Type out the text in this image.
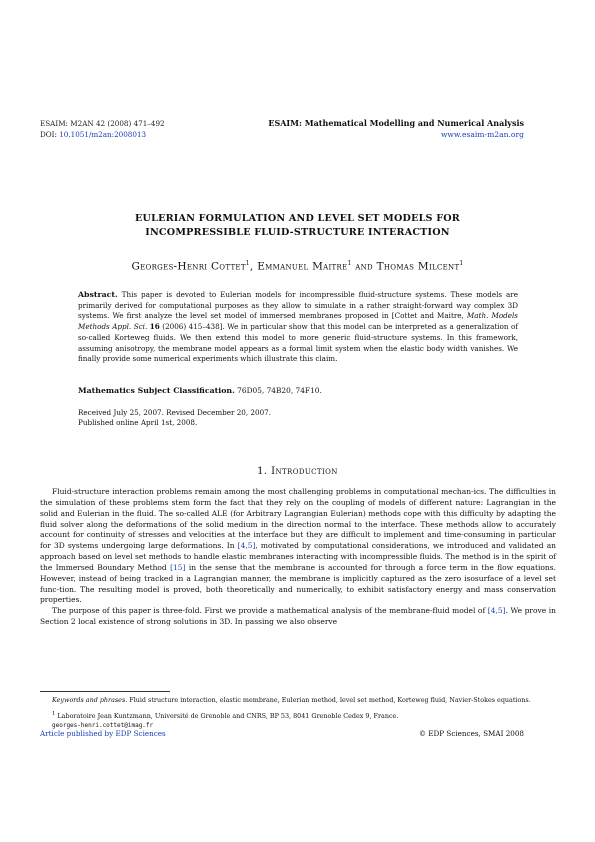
ESAIM: M2AN 42 (2008) 471–492
DOI: 10.1051/m2an:2008013
ESAIM: Mathematical Modelling and Numerical Analysis
www.esaim-m2an.org
EULERIAN FORMULATION AND LEVEL SET MODELS FOR
INCOMPRESSIBLE FLUID-STRUCTURE INTERACTION
Georges-Henri Cottet$^1$, Emmanuel Maitre$^1$ and Thomas Milcent$^1$
Abstract. This paper is devoted to Eulerian models for incompressible fluid-structure systems. These models are primarily derived for computational purposes as they allow to simulate in a rather straight-forward way complex 3D systems. We first analyze the level set model of immersed membranes proposed in [Cottet and Maitre, Math. Models Methods Appl. Sci. 16 (2006) 415–438]. We in particular show that this model can be interpreted as a generalization of so-called Korteweg fluids. We then extend this model to more generic fluid-structure systems. In this framework, assuming anisotropy, the membrane model appears as a formal limit system when the elastic body width vanishes. We finally provide some numerical experiments which illustrate this claim.
Mathematics Subject Classification. 76D05, 74B20, 74F10.
Received July 25, 2007. Revised December 20, 2007.
Published online April 1st, 2008.
1. Introduction

Fluid-structure interaction problems remain among the most challenging problems in computational mechan-ics. The difficulties in the simulation of these problems stem form the fact that they rely on the coupling of models of different nature: Lagrangian in the solid and Eulerian in the fluid. The so-called ALE (for Arbitrary Lagrangian Eulerian) methods cope with this difficulty by adapting the fluid solver along the deformations of the solid medium in the direction normal to the interface. These methods allow to accurately account for continuity of stresses and velocities at the interface but they are difficult to implement and time-consuming in particular for 3D systems undergoing large deformations. In [4,5], motivated by computational considerations, we introduced and validated an approach based on level set methods to handle elastic membranes interacting with incompressible fluids. The method is in the spirit of the Immersed Boundary Method [15] in the sense that the membrane is accounted for through a force term in the flow equations. However, instead of being tracked in a Lagrangian manner, the membrane is implicitly captured as the zero isosurface of a level set func-tion. The resulting model is proved, both theoretically and numerically, to exhibit satisfactory energy and mass conservation properties.

The purpose of this paper is three-fold. First we provide a mathematical analysis of the membrane-fluid model of [4,5]. We prove in Section 2 local existence of strong solutions in 3D. In passing we also observe

Keywords and phrases. Fluid structure interaction, elastic membrane, Eulerian method, level set method, Korteweg fluid, Navier-Stokes equations.

$^1$ Laboratoire Jean Kuntzmann, Université de Grenoble and CNRS, BP 53, 8041 Grenoble Cedex 9, France.

georges-henri.cottet@imag.fr

Article published by EDP Sciences	© EDP Sciences, SMAI 2008
